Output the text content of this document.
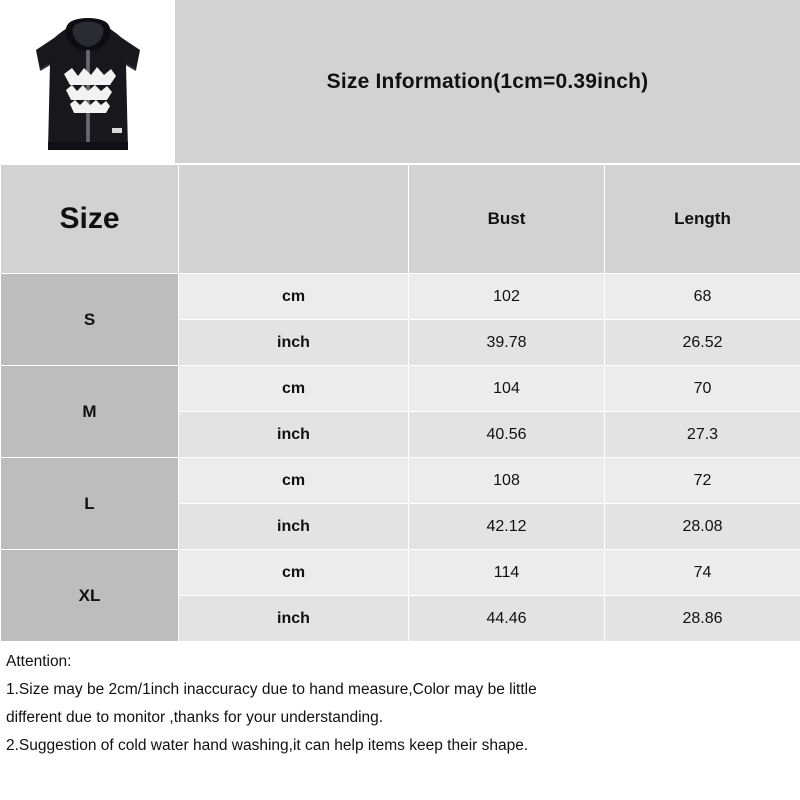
Size Information(1cm=0.39inch)
Size		Bust	Length
S	cm	102	68
	inch	39.78	26.52
M	cm	104	70
	inch	40.56	27.3
L	cm	108	72
	inch	42.12	28.08
XL	cm	114	74
	inch	44.46	28.86
Attention:
1.Size may be 2cm/1inch inaccuracy due to hand measure,Color may be little
different due to monitor ,thanks for your understanding.
2.Suggestion of cold water hand washing,it can help items keep their shape.
